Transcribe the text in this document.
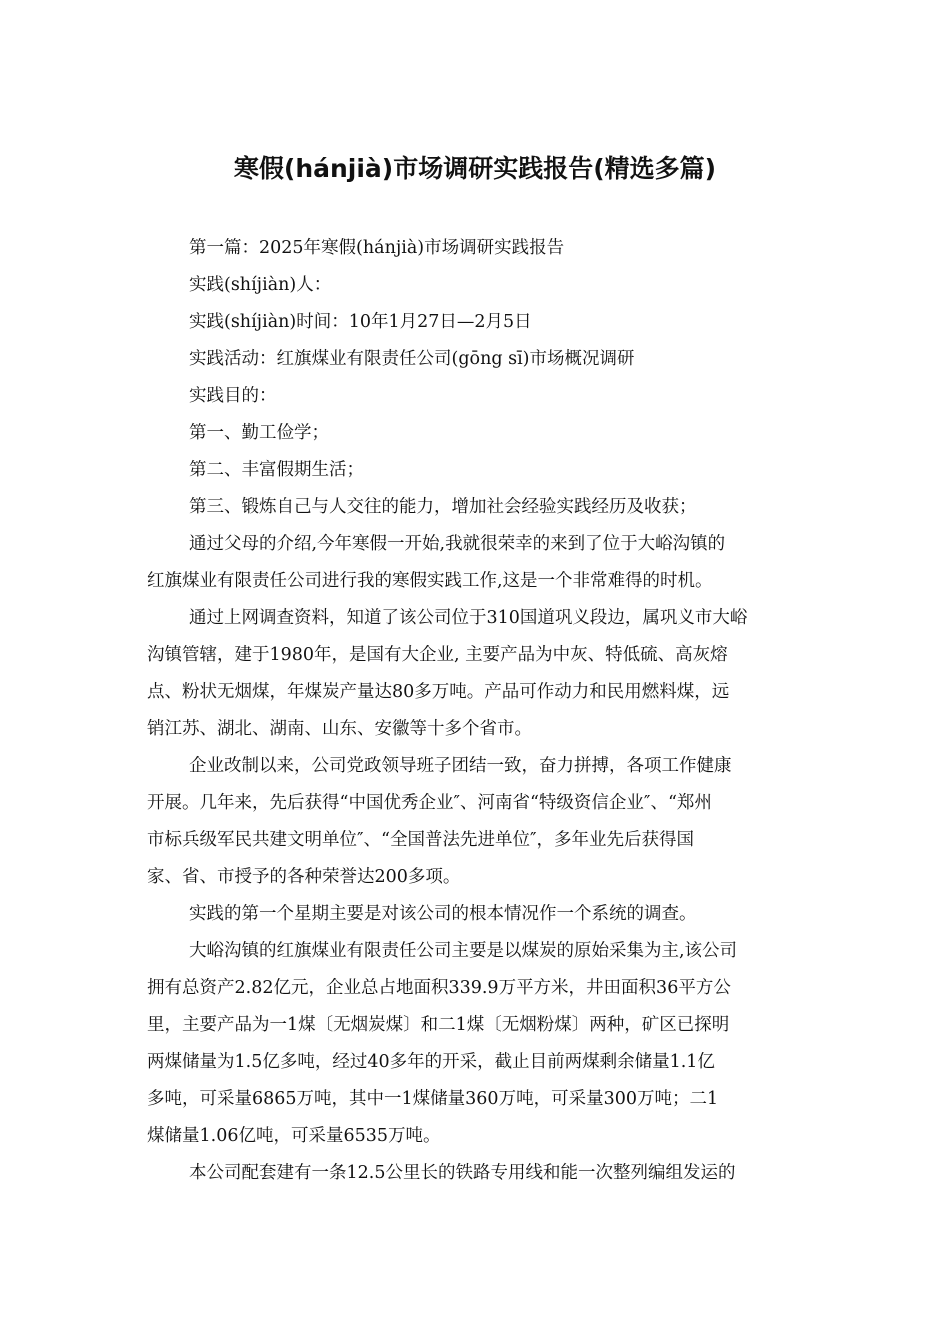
寒假(hánjià)市场调研实践报告(精选多篇)

第一篇：2025年寒假(hánjià)市场调研实践报告

实践(shíjiàn)人：

实践(shíjiàn)时间：10年1月27日—2月5日

实践活动：红旗煤业有限责任公司(gōng sī)市场概况调研

实践目的：

第一、勤工俭学；

第二、丰富假期生活；

第三、锻炼自己与人交往的能力，增加社会经验实践经历及收获；

通过父母的介绍,今年寒假一开始,我就很荣幸的来到了位于大峪沟镇的

红旗煤业有限责任公司进行我的寒假实践工作,这是一个非常难得的时机。

通过上网调查资料，知道了该公司位于310国道巩义段边，属巩义市大峪

沟镇管辖，建于1980年，是国有大企业, 主要产品为中灰、特低硫、高灰熔

点、粉状无烟煤，年煤炭产量达80多万吨。产品可作动力和民用燃料煤，远

销江苏、湖北、湖南、山东、安徽等十多个省市。

企业改制以来，公司党政领导班子团结一致，奋力拼搏，各项工作健康

开展。几年来，先后获得“中国优秀企业″、河南省“特级资信企业″、“郑州

市标兵级军民共建文明单位″、“全国普法先进单位″，多年业先后获得国

家、省、市授予的各种荣誉达200多项。

实践的第一个星期主要是对该公司的根本情况作一个系统的调查。

大峪沟镇的红旗煤业有限责任公司主要是以煤炭的原始采集为主,该公司

拥有总资产2.82亿元，企业总占地面积339.9万平方米，井田面积36平方公

里，主要产品为一1煤〔无烟炭煤〕和二1煤〔无烟粉煤〕两种，矿区已探明

两煤储量为1.5亿多吨，经过40多年的开采，截止目前两煤剩余储量1.1亿

多吨，可采量6865万吨，其中一1煤储量360万吨，可采量300万吨；二1

煤储量1.06亿吨，可采量6535万吨。

本公司配套建有一条12.5公里长的铁路专用线和能一次整列编组发运的
